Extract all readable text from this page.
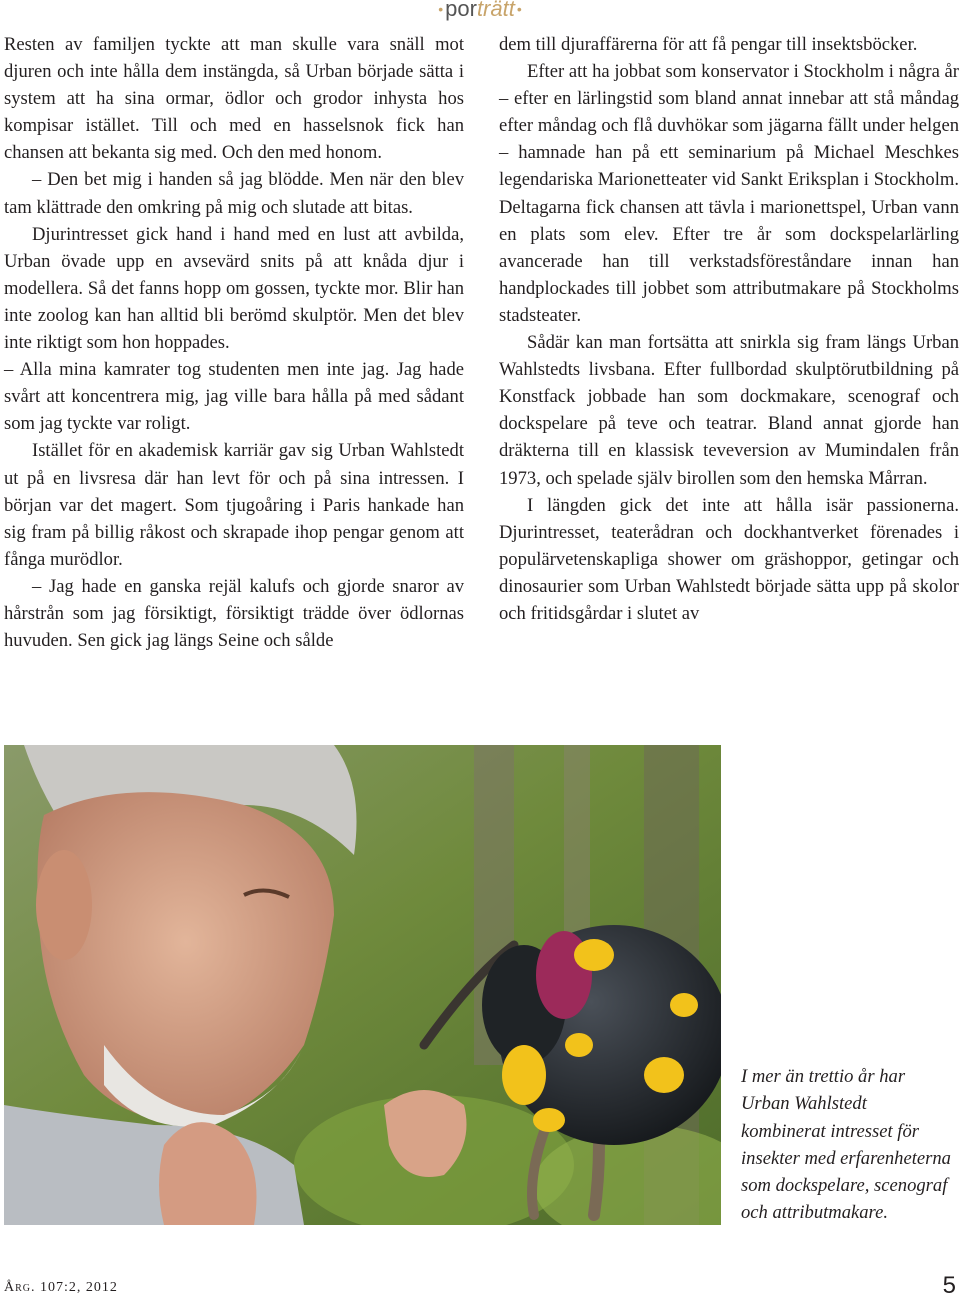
•porträtt •

Resten av familjen tyckte att man skulle vara snäll mot djuren och inte hålla dem instängda, så Urban började sätta i system att ha sina ormar, ödlor och grodor inhysta hos kompisar istället. Till och med en hasselsnok fick han chansen att bekanta sig med. Och den med honom.

– Den bet mig i handen så jag blödde. Men när den blev tam klättrade den omkring på mig och slutade att bitas.

Djurintresset gick hand i hand med en lust att avbilda, Urban övade upp en avsevärd snits på att knåda djur i modellera. Så det fanns hopp om gossen, tyckte mor. Blir han inte zoolog kan han alltid bli berömd skulptör. Men det blev inte riktigt som hon hoppades.

– Alla mina kamrater tog studenten men inte jag. Jag hade svårt att koncentrera mig, jag ville bara hålla på med sådant som jag tyckte var roligt.

Istället för en akademisk karriär gav sig Urban Wahlstedt ut på en livsresa där han levt för och på sina intressen. I början var det magert. Som tjugoåring i Paris hankade han sig fram på billig råkost och skrapade ihop pengar genom att fånga murödlor.

– Jag hade en ganska rejäl kalufs och gjorde snaror av hårstrån som jag försiktigt, försiktigt trädde över ödlornas huvuden. Sen gick jag längs Seine och sålde

dem till djuraffärerna för att få pengar till insektsböcker.

Efter att ha jobbat som konservator i Stockholm i några år – efter en lärlingstid som bland annat innebar att stå måndag efter måndag och flå duvhökar som jägarna fällt under helgen – hamnade han på ett seminarium på Michael Meschkes legendariska Marionetteater vid Sankt Eriksplan i Stockholm. Deltagarna fick chansen att tävla i marionettspel, Urban vann en plats som elev. Efter tre år som dockspelarlärling avancerade han till verkstadsföreståndare innan han handplockades till jobbet som attributmakare på Stockholms stadsteater.

Sådär kan man fortsätta att snirkla sig fram längs Urban Wahlstedts livsbana. Efter fullbordad skulptörutbildning på Konstfack jobbade han som dockmakare, scenograf och dockspelare på teve och teatrar. Bland annat gjorde han dräkterna till en klassisk teveversion av Mumindalen från 1973, och spelade själv birollen som den hemska Mårran.

I längden gick det inte att hålla isär passionerna. Djurintresset, teaterådran och dockhantverket förenades i populärvetenskapliga shower om gräshoppor, getingar och dinosaurier som Urban Wahlstedt började sätta upp på skolor och fritidsgårdar i slutet av

I mer än trettio år har Urban Wahlstedt kombinerat intresset för insekter med erfarenheterna som dockspelare, scenograf och attributmakare.
Årg. 107:2, 2012	5
